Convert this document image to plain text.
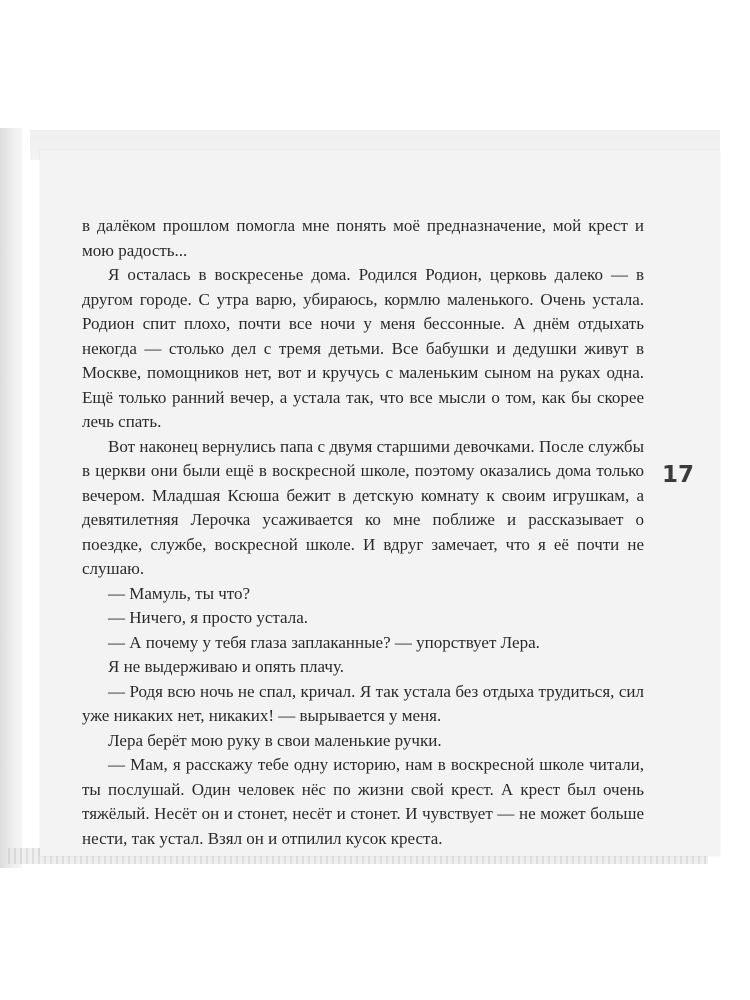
в далёком прошлом помогла мне понять моё предназначение, мой крест и мою радость...

Я осталась в воскресенье дома. Родился Родион, церковь далеко — в другом городе. С утра варю, убираюсь, кормлю маленького. Очень устала. Родион спит плохо, почти все ночи у меня бессонные. А днём отдыхать некогда — столько дел с тремя детьми. Все бабушки и дедушки живут в Москве, помощников нет, вот и кручусь с маленьким сыном на руках одна. Ещё только ранний вечер, а устала так, что все мысли о том, как бы скорее лечь спать.

Вот наконец вернулись папа с двумя старшими девочками. После службы в церкви они были ещё в воскресной школе, поэтому оказались дома только вечером. Младшая Ксюша бежит в детскую комнату к своим игрушкам, а девятилетняя Лерочка усаживается ко мне поближе и рассказывает о поездке, службе, воскресной школе. И вдруг замечает, что я её почти не слушаю.

— Мамуль, ты что?

— Ничего, я просто устала.

— А почему у тебя глаза заплаканные? — упорствует Лера.

Я не выдерживаю и опять плачу.

— Родя всю ночь не спал, кричал. Я так устала без отдыха трудиться, сил уже никаких нет, никаких! — вырывается у меня.

Лера берёт мою руку в свои маленькие ручки.

— Мам, я расскажу тебе одну историю, нам в воскресной школе читали, ты послушай. Один человек нёс по жизни свой крест. А крест был очень тяжёлый. Несёт он и стонет, несёт и стонет. И чувствует — не может больше нести, так устал. Взял он и отпилил кусок креста.

17
